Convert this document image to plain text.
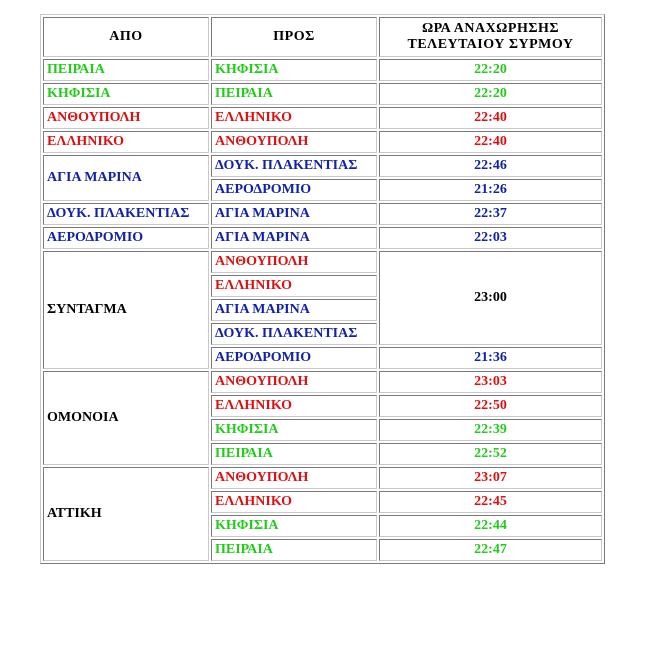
ΑΠΟ	ΠΡΟΣ	ΩΡΑ ΑΝΑΧΩΡΗΣΗΣ ΤΕΛΕΥΤΑΙΟΥ ΣΥΡΜΟΥ
ΠΕΙΡΑΙΑ	ΚΗΦΙΣΙΑ	22:20
ΚΗΦΙΣΙΑ	ΠΕΙΡΑΙΑ	22:20
ΑΝΘΟΥΠΟΛΗ	ΕΛΛΗΝΙΚΟ	22:40
ΕΛΛΗΝΙΚΟ	ΑΝΘΟΥΠΟΛΗ	22:40
ΑΓΙΑ ΜΑΡΙΝΑ	ΔΟΥΚ. ΠΛΑΚΕΝΤΙΑΣ	22:46
	ΑΕΡΟΔΡΟΜΙΟ	21:26
ΔΟΥΚ. ΠΛΑΚΕΝΤΙΑΣ	ΑΓΙΑ ΜΑΡΙΝΑ	22:37
ΑΕΡΟΔΡΟΜΙΟ	ΑΓΙΑ ΜΑΡΙΝΑ	22:03
ΣΥΝΤΑΓΜΑ	ΑΝΘΟΥΠΟΛΗ	23:00
	ΕΛΛΗΝΙΚΟ	
	ΑΓΙΑ ΜΑΡΙΝΑ	
	ΔΟΥΚ. ΠΛΑΚΕΝΤΙΑΣ	
	ΑΕΡΟΔΡΟΜΙΟ	21:36
ΟΜΟΝΟΙΑ	ΑΝΘΟΥΠΟΛΗ	23:03
	ΕΛΛΗΝΙΚΟ	22:50
	ΚΗΦΙΣΙΑ	22:39
	ΠΕΙΡΑΙΑ	22:52
ΑΤΤΙΚΗ	ΑΝΘΟΥΠΟΛΗ	23:07
	ΕΛΛΗΝΙΚΟ	22:45
	ΚΗΦΙΣΙΑ	22:44
	ΠΕΙΡΑΙΑ	22:47
